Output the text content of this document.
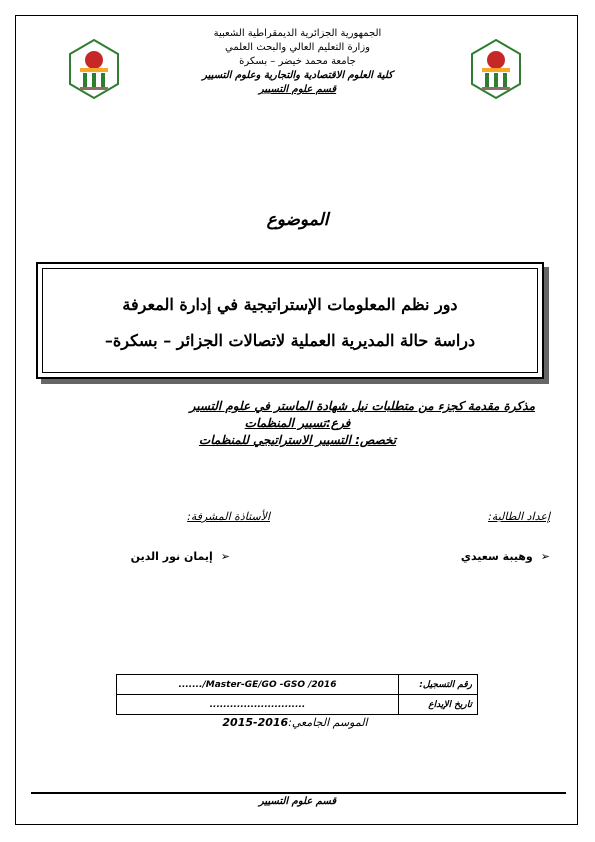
الجمهورية الجزائرية الديمقراطية الشعبية
وزارة التعليم العالي والبحث العلمي
جامعة محمد خيضر – بسكرة
كلية العلوم الاقتصادية والتجارية وعلوم التسيير
قسم علوم التسيير
الموضوع
دور نظم المعلومات الإستراتيجية في إدارة المعرفة
دراسة حالة المديرية العملية لاتصالات الجزائر – بسكرة–
مذكرة مقدمة كجزء من متطلبات نيل شهادة الماستر في علوم التسير
فرع:تسيير المنظمات
تخصص: التسيير الاستراتيجي للمنظمات
إعداد الطالبة:
الأستاذة المشرفة:
➢وهيبة سعيدي
➢إيمان نور الدين
رقم التسجيل:	......./Master-GE/GO -GSO /2016
تاريخ الإيداع	............................
الموسم الجامعي:2015-2016
قسم علوم التسيير
